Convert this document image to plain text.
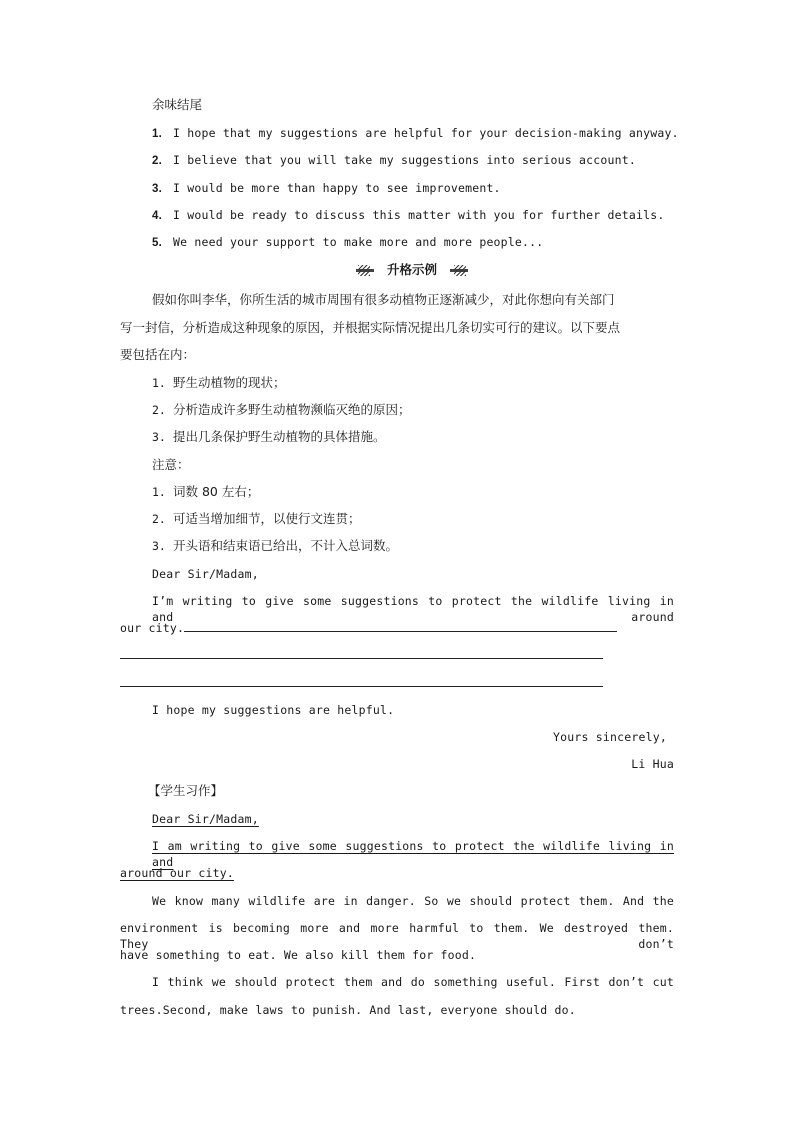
余味结尾
1. I hope that my suggestions are helpful for your decision-making anyway.
2. I believe that you will take my suggestions into serious account.
3. I would be more than happy to see improvement.
4. I would be ready to discuss this matter with you for further details.
5. We need your support to make more and more people...
升格示例
假如你叫李华，你所生活的城市周围有很多动植物正逐渐减少，对此你想向有关部门
写一封信，分析造成这种现象的原因，并根据实际情况提出几条切实可行的建议。以下要点
要包括在内：
1. 野生动植物的现状；
2. 分析造成许多野生动植物濒临灭绝的原因；
3. 提出几条保护野生动植物的具体措施。
注意：
1. 词数 80 左右；
2. 可适当增加细节，以使行文连贯；
3. 开头语和结束语已给出，不计入总词数。
Dear Sir/Madam,
I’m writing to give some suggestions to protect the wildlife living in and around
our city.
I hope my suggestions are helpful.
Yours sincerely,
Li Hua
【学生习作】
Dear Sir/Madam,
I am writing to give some suggestions to protect the wildlife living in and
around our city.
We know many wildlife are in danger. So we should protect them. And the
environment is becoming more and more harmful to them. We destroyed them. They don’t
have something to eat. We also kill them for food.
I think we should protect them and do something useful. First don’t cut
trees.Second, make laws to punish. And last, everyone should do.
